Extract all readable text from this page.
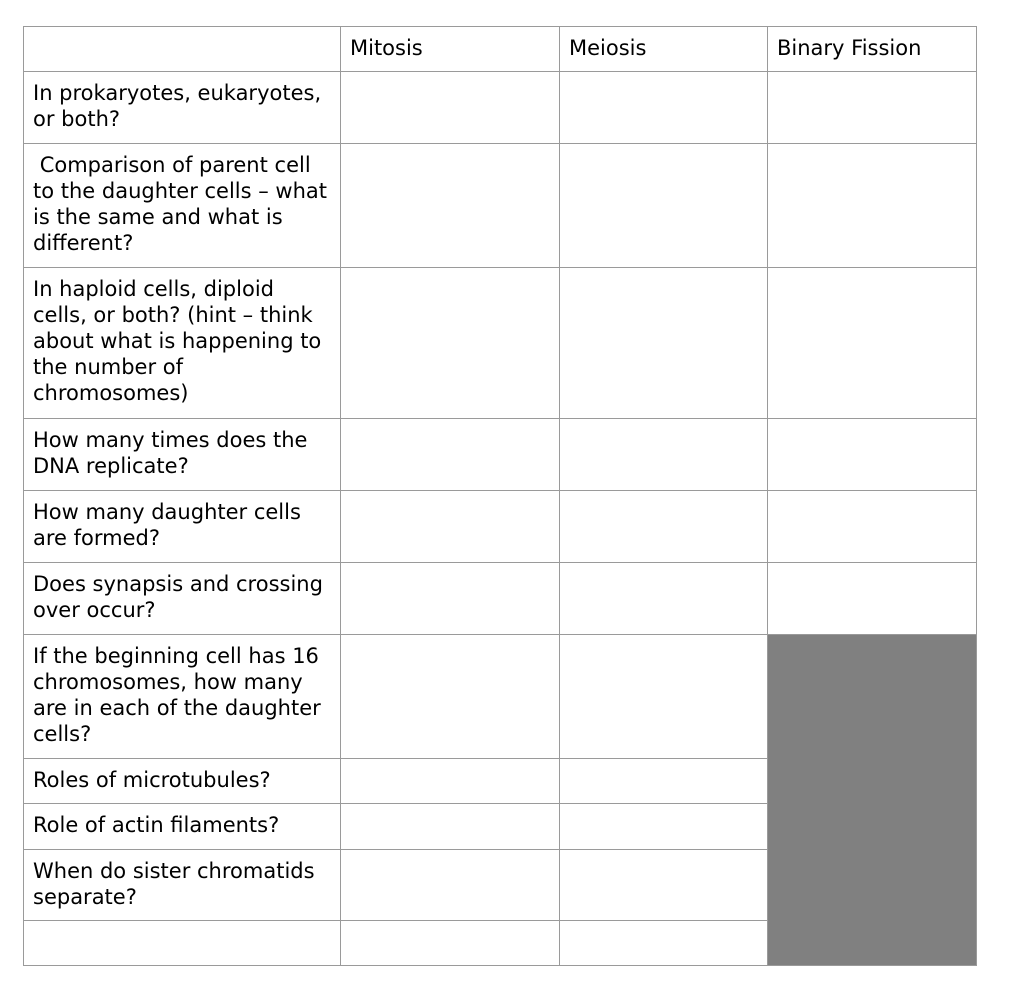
	Mitosis	Meiosis	Binary Fission
In prokaryotes, eukaryotes, or both?			
Comparison of parent cell to the daughter cells – what is the same and what is different?			
In haploid cells, diploid cells, or both? (hint – think about what is happening to the number of chromosomes)			
How many times does the DNA replicate?			
How many daughter cells are formed?			
Does synapsis and crossing over occur?			
If the beginning cell has 16 chromosomes, how many are in each of the daughter cells?			
Roles of microtubules?			
Role of actin filaments?			
When do sister chromatids separate?			
